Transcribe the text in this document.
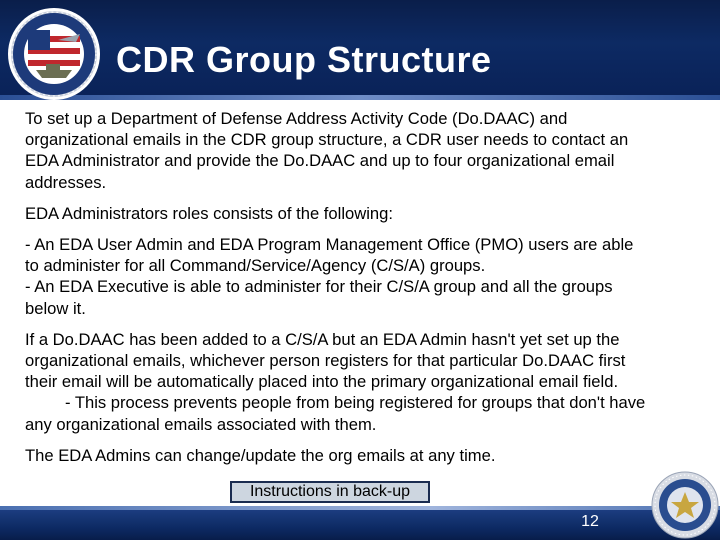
CDR Group Structure

To set up a Department of Defense Address Activity Code (Do.DAAC) and
organizational emails in the CDR group structure, a CDR user needs to contact an
EDA Administrator and provide the Do.DAAC and up to four organizational email
addresses.

EDA Administrators roles consists of the following:

- An EDA User Admin and EDA Program Management Office (PMO) users are able
to administer for all Command/Service/Agency (C/S/A) groups.
- An EDA Executive is able to administer for their C/S/A group and all the groups
below it.

If a Do.DAAC has been added to a C/S/A but an EDA Admin hasn't yet set up the
organizational emails, whichever person registers for that particular Do.DAAC first
their email will be automatically placed into the primary organizational email field.
- This process prevents people from being registered for groups that don't have
any organizational emails associated with them.

The EDA Admins can change/update the org emails at any time.

Instructions in back-up
12
